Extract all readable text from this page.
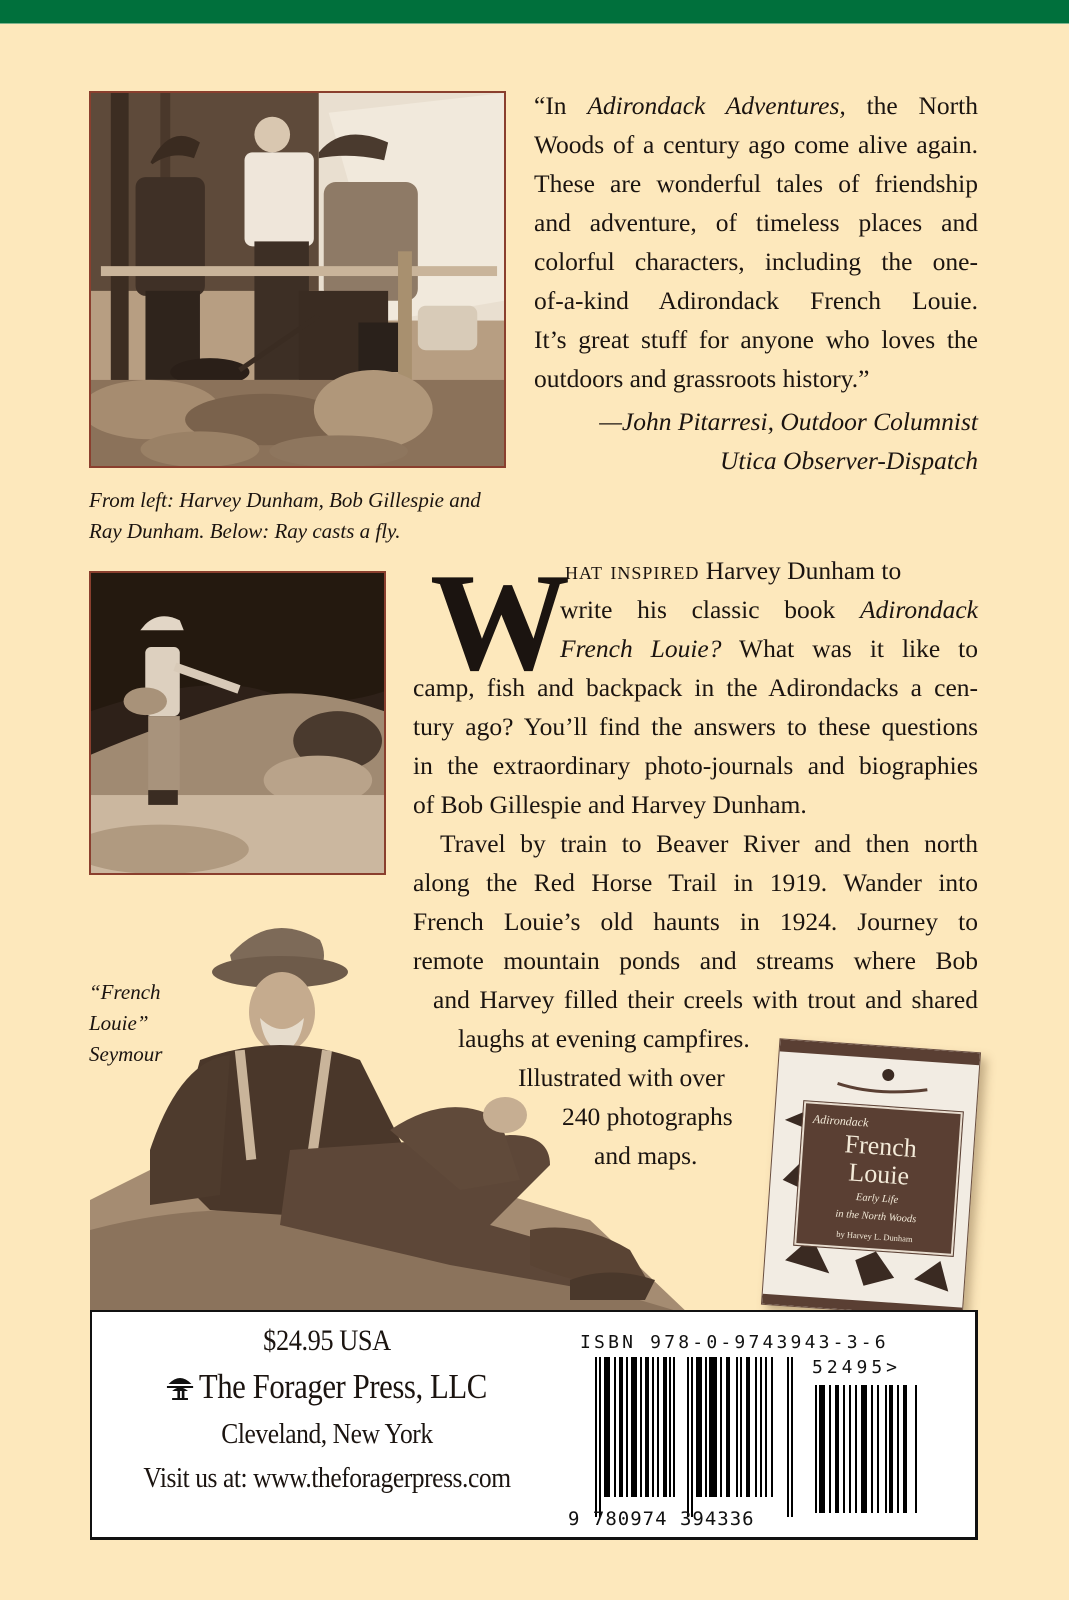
From left: Harvey Dunham, Bob Gillespie and
Ray Dunham. Below: Ray casts a fly.
“In Adirondack Adventures, the North
Woods of a century ago come alive again.
These are wonderful tales of friendship
and adventure, of timeless places and
colorful characters, including the one-
of-a-kind Adirondack French Louie.
It’s great stuff for anyone who loves the
outdoors and grassroots history.”
—John Pitarresi, Outdoor Columnist
Utica Observer-Dispatch
W hat inspired Harvey Dunham to
write his classic book Adirondack
French Louie? What was it like to
camp, fish and backpack in the Adirondacks a cen-
tury ago? You’ll find the answers to these questions
in the extraordinary photo-journals and biographies
of Bob Gillespie and Harvey Dunham.
Travel by train to Beaver River and then north
along the Red Horse Trail in 1919. Wander into
French Louie’s old haunts in 1924. Journey to
remote mountain ponds and streams where Bob
and Harvey filled their creels with trout and shared
laughs at evening campfires.
Illustrated with over
240 photographs
and maps.
“French Louie”
Seymour
Adirondack
French
Louie
Early Life
in the North Woods
by Harvey L. Dunham
$24.95 USA
The Forager Press, LLC
Cleveland, New York
Visit us at: www.theforagerpress.com
ISBN 978-0-9743943-3-6
52495>
9 780974 394336
